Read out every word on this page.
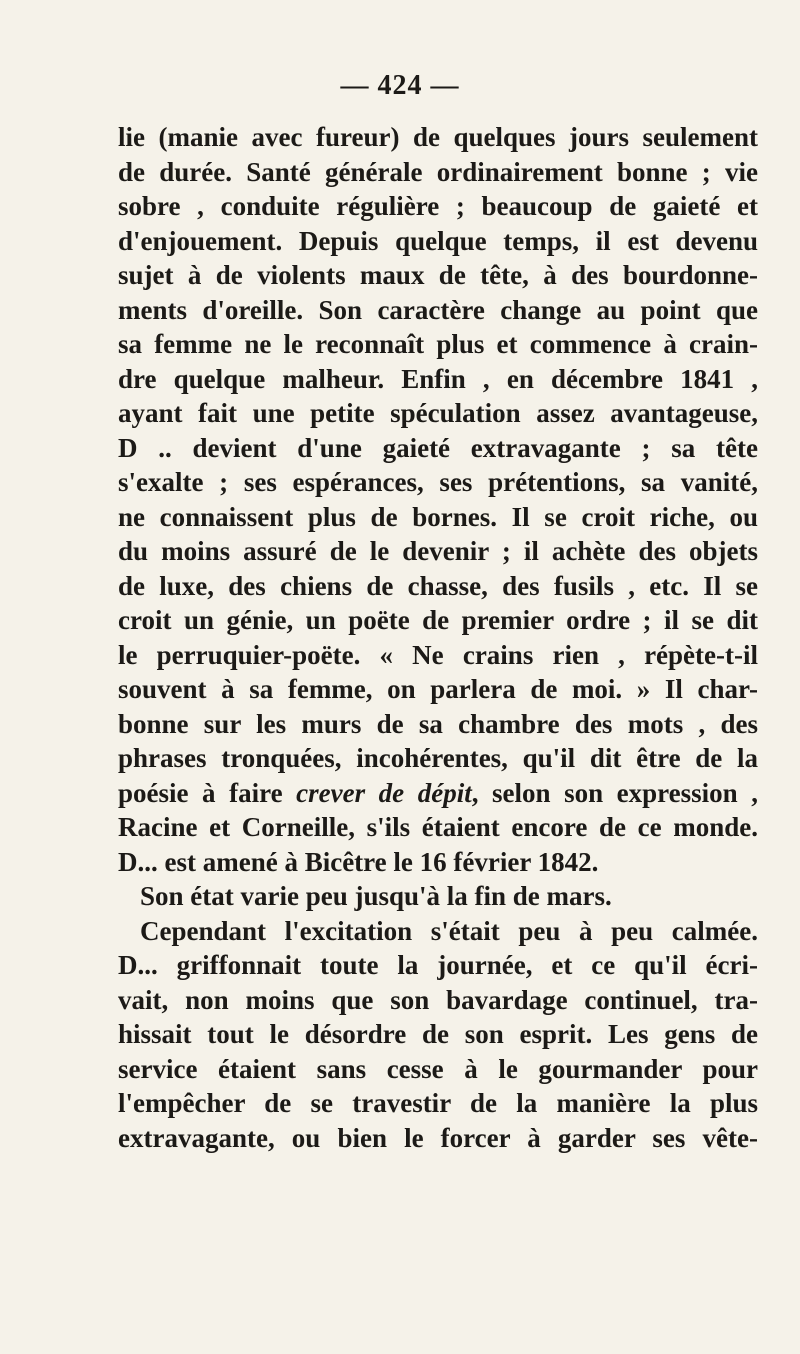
— 424 —
lie (manie avec fureur) de quelques jours seulement
de durée. Santé générale ordinairement bonne ; vie
sobre , conduite régulière ; beaucoup de gaieté et
d'enjouement. Depuis quelque temps, il est devenu
sujet à de violents maux de tête, à des bourdonne-
ments d'oreille. Son caractère change au point que
sa femme ne le reconnaît plus et commence à crain-
dre quelque malheur. Enfin , en décembre 1841 ,
ayant fait une petite spéculation assez avantageuse,
D .. devient d'une gaieté extravagante ; sa tête
s'exalte ; ses espérances, ses prétentions, sa vanité,
ne connaissent plus de bornes. Il se croit riche, ou
du moins assuré de le devenir ; il achète des objets
de luxe, des chiens de chasse, des fusils , etc. Il se
croit un génie, un poëte de premier ordre ; il se dit
le perruquier-poëte. « Ne crains rien , répète-t-il
souvent à sa femme, on parlera de moi. » Il char-
bonne sur les murs de sa chambre des mots , des
phrases tronquées, incohérentes, qu'il dit être de la
poésie à faire crever de dépit, selon son expression ,
Racine et Corneille, s'ils étaient encore de ce monde.
D... est amené à Bicêtre le 16 février 1842.
Son état varie peu jusqu'à la fin de mars.
Cependant l'excitation s'était peu à peu calmée.
D... griffonnait toute la journée, et ce qu'il écri-
vait, non moins que son bavardage continuel, tra-
hissait tout le désordre de son esprit. Les gens de
service étaient sans cesse à le gourmander pour
l'empêcher de se travestir de la manière la plus
extravagante, ou bien le forcer à garder ses vête-
